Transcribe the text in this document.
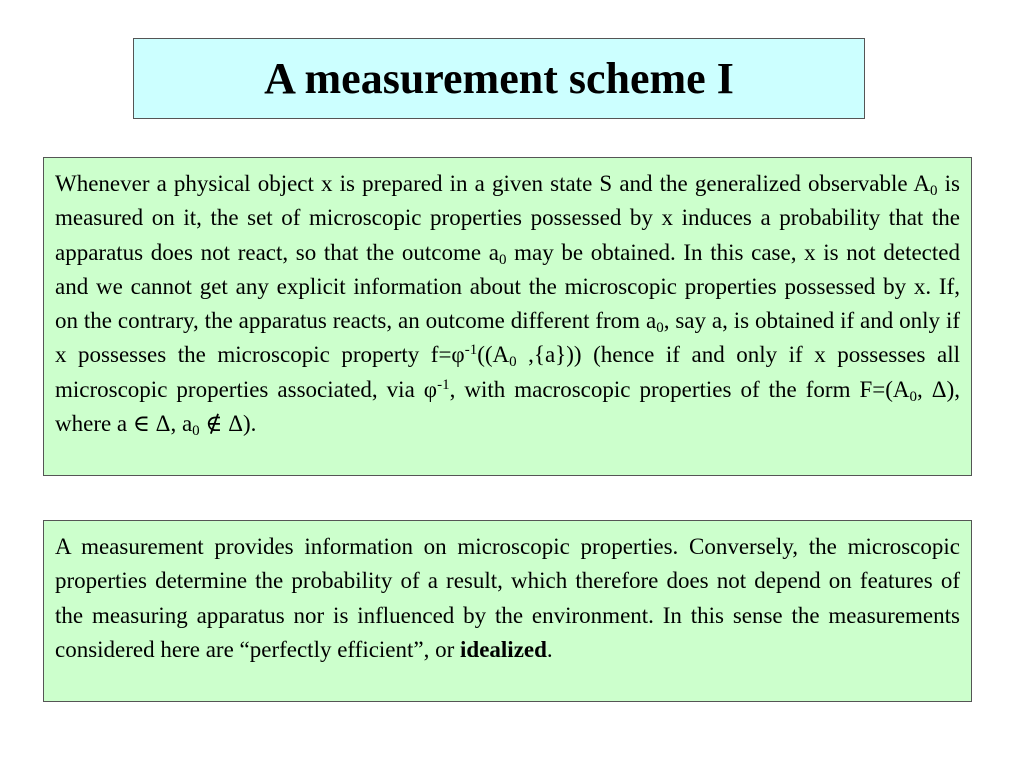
A measurement scheme I

Whenever a physical object x is prepared in a given state S and the generalized observable $A_0$ is measured on it, the set of microscopic properties possessed by x induces a probability that the apparatus does not react, so that the outcome $a_0$ may be obtained. In this case, x is not detected and we cannot get any explicit information about the microscopic properties possessed by x. If, on the contrary, the apparatus reacts, an outcome different from $a_0$, say a, is obtained if and only if x possesses the microscopic property $f=\varphi^{-1}((A_0$ ,{a})) (hence if and only if x possesses all microscopic properties associated, via $\varphi^{-1}$, with macroscopic properties of the form $F=(A_0$, Δ), where a ∈ Δ, $a_0$ ∉ Δ).

A measurement provides information on microscopic properties. Conversely, the microscopic properties determine the probability of a result, which therefore does not depend on features of the measuring apparatus nor is influenced by the environment. In this sense the measurements considered here are “perfectly efficient”, or idealized.
